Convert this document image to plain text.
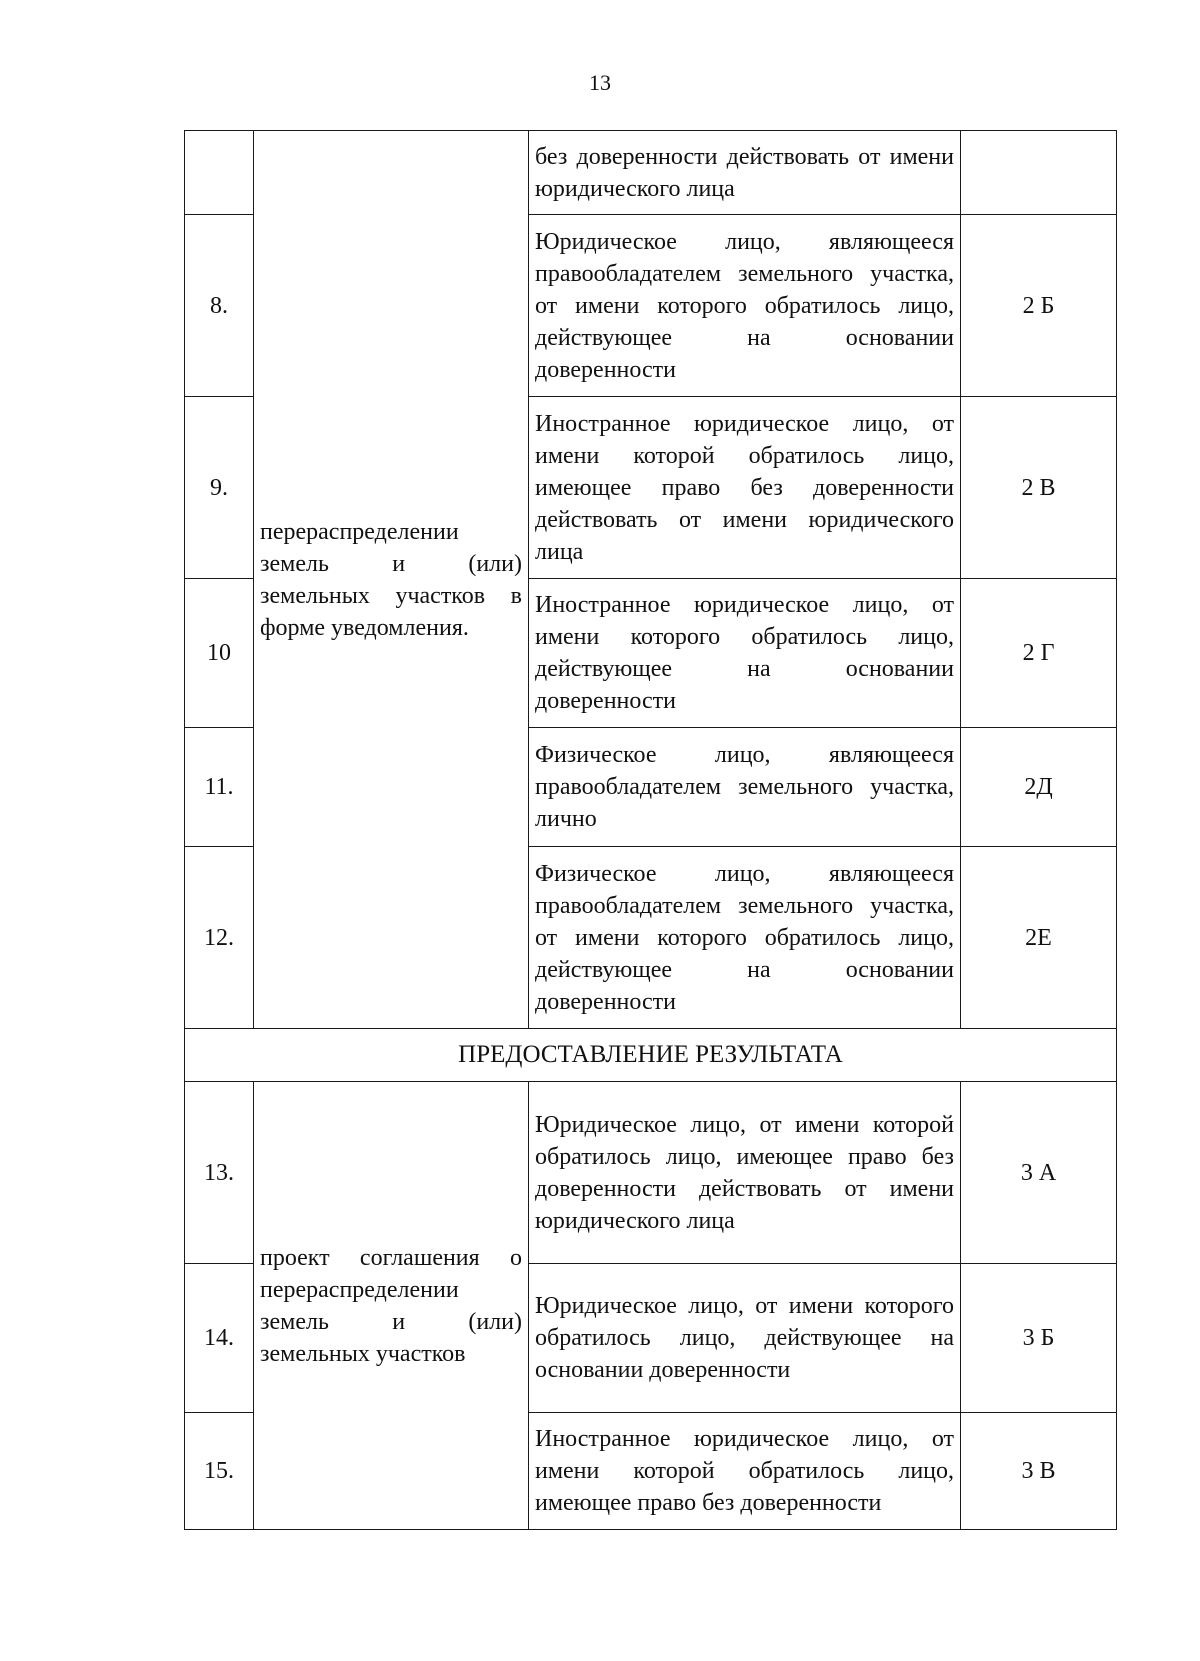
13

	перераспределении земель и (или) земельных участков в форме уведомления.	без доверенности действовать от имени юридического лица	
8.		Юридическое лицо, являющееся правообладателем земельного участка, от имени которого обратилось лицо, действующее на основании доверенности	2 Б
9.		Иностранное юридическое лицо, от имени которой обратилось лицо, имеющее право без доверенности действовать от имени юридического лица	2 В
10		Иностранное юридическое лицо, от имени которого обратилось лицо, действующее на основании доверенности	2 Г
11.		Физическое лицо, являющееся правообладателем земельного участка, лично	2Д
12.		Физическое лицо, являющееся правообладателем земельного участка, от имени которого обратилось лицо, действующее на основании доверенности	2Е
ПРЕДОСТАВЛЕНИЕ РЕЗУЛЬТАТА			
13.	проект соглашения о перераспределении земель и (или) земельных участков	Юридическое лицо, от имени которой обратилось лицо, имеющее право без доверенности действовать от имени юридического лица	3 А
14.		Юридическое лицо, от имени которого обратилось лицо, действующее на основании доверенности	3 Б
15.		Иностранное юридическое лицо, от имени которой обратилось лицо, имеющее право без доверенности	3 В
